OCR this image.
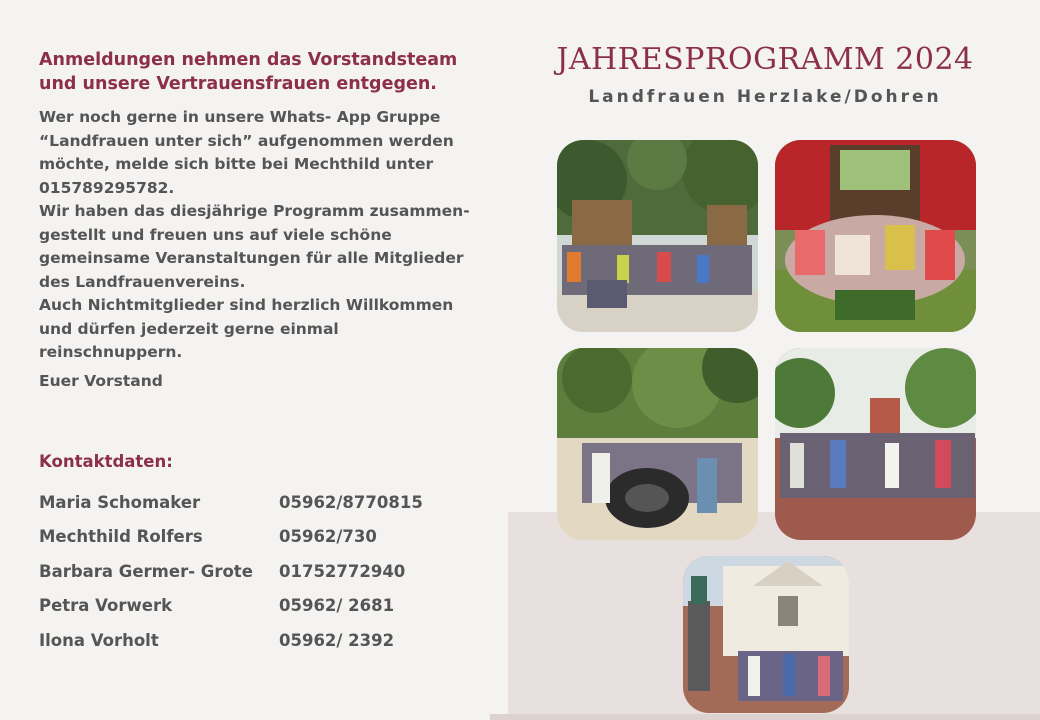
Anmeldungen nehmen das Vorstandsteam und unsere Vertrauensfrauen entgegen.

Wer noch gerne in unsere Whats- App Gruppe
“Landfrauen unter sich” aufgenommen werden
möchte, melde sich bitte bei Mechthild unter
015789295782.
Wir haben das diesjährige Programm zusammen-
gestellt und freuen uns auf viele schöne
gemeinsame Veranstaltungen für alle Mitglieder
des Landfrauenvereins.
Auch Nichtmitglieder sind herzlich Willkommen
und dürfen jederzeit gerne einmal reinschnuppern.

Euer Vorstand
Kontaktdaten:
Maria Schomaker	05962/8770815
Mechthild Rolfers	05962/730
Barbara Germer- Grote 01752772940
Petra Vorwerk	05962/ 2681
Ilona Vorholt	05962/ 2392
JAHRESPROGRAMM 2024
Landfrauen Herzlake/Dohren
